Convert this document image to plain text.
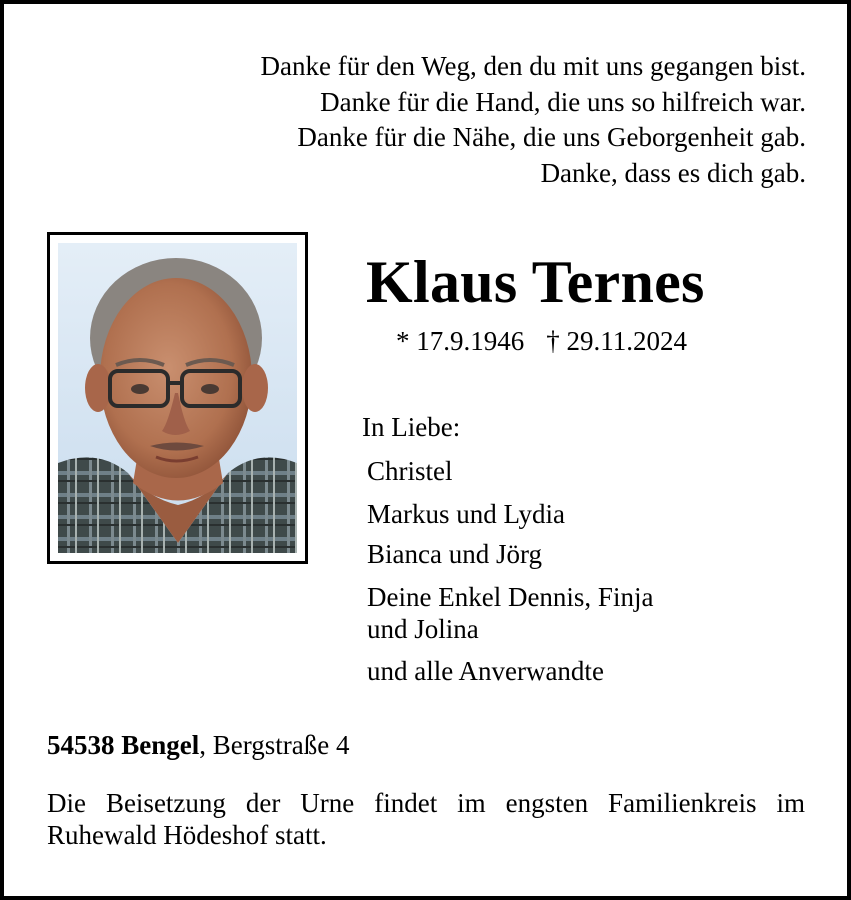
Danke für den Weg, den du mit uns gegangen bist.
Danke für die Hand, die uns so hilfreich war.
Danke für die Nähe, die uns Geborgenheit gab.
Danke, dass es dich gab.
Klaus Ternes
* 17.9.1946 † 29.11.2024
In Liebe:
Christel
Markus und Lydia
Bianca und Jörg
Deine Enkel Dennis, Finja und Jolina
und alle Anverwandte
54538 Bengel, Bergstraße 4
Die Beisetzung der Urne findet im engsten Familienkreis im Ruhewald Hödeshof statt.
